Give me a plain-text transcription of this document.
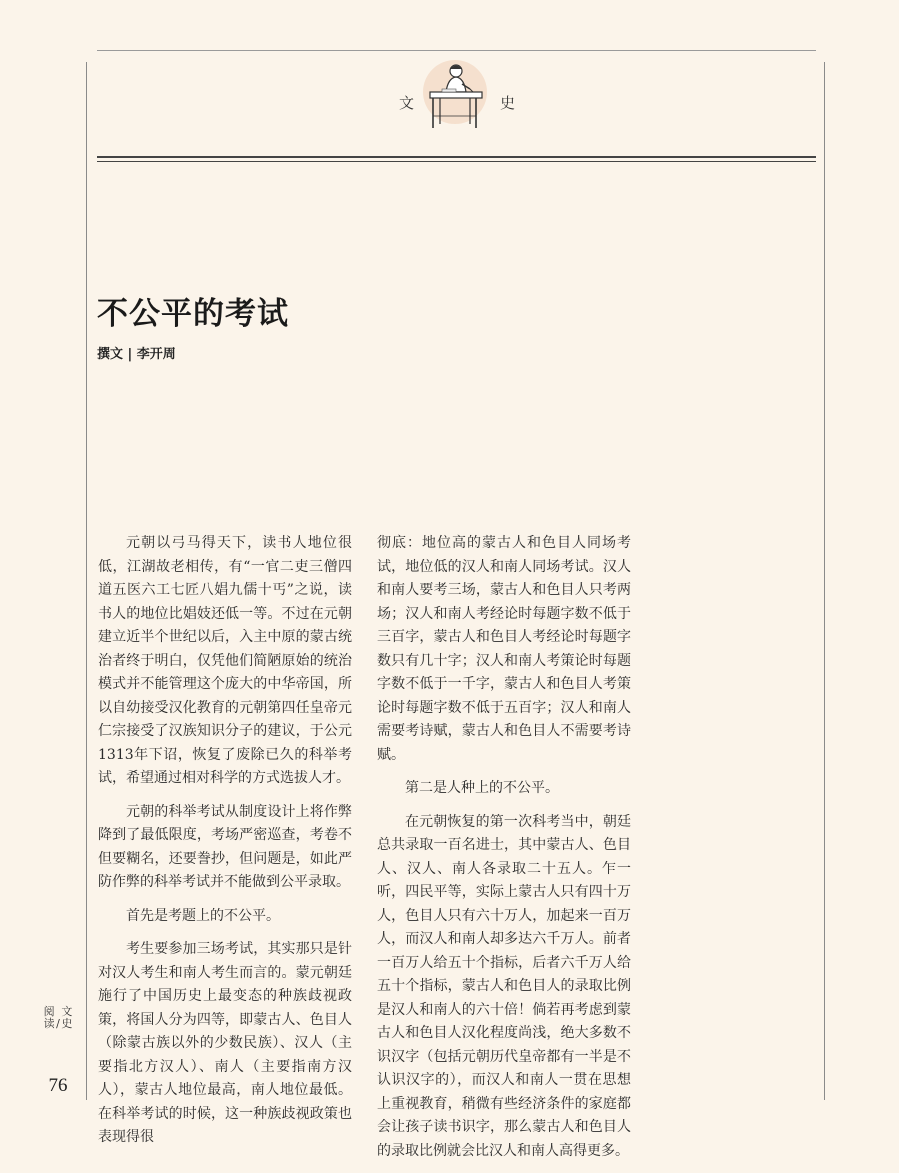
文	史
不公平的考试
撰文 | 李开周

元朝以弓马得天下，读书人地位很低，江湖故老相传，有“一官二吏三僧四道五医六工七匠八娼九儒十丐”之说，读书人的地位比娼妓还低一等。不过在元朝建立近半个世纪以后，入主中原的蒙古统治者终于明白，仅凭他们简陋原始的统治模式并不能管理这个庞大的中华帝国，所以自幼接受汉化教育的元朝第四任皇帝元仁宗接受了汉族知识分子的建议，于公元1313年下诏，恢复了废除已久的科举考试，希望通过相对科学的方式选拔人才。

元朝的科举考试从制度设计上将作弊降到了最低限度，考场严密巡查，考卷不但要糊名，还要誊抄，但问题是，如此严防作弊的科举考试并不能做到公平录取。

首先是考题上的不公平。

考生要参加三场考试，其实那只是针对汉人考生和南人考生而言的。蒙元朝廷施行了中国历史上最变态的种族歧视政策，将国人分为四等，即蒙古人、色目人（除蒙古族以外的少数民族）、汉人（主要指北方汉人）、南人（主要指南方汉人），蒙古人地位最高，南人地位最低。在科举考试的时候，这一种族歧视政策也表现得很

彻底：地位高的蒙古人和色目人同场考试，地位低的汉人和南人同场考试。汉人和南人要考三场，蒙古人和色目人只考两场；汉人和南人考经论时每题字数不低于三百字，蒙古人和色目人考经论时每题字数只有几十字；汉人和南人考策论时每题字数不低于一千字，蒙古人和色目人考策论时每题字数不低于五百字；汉人和南人需要考诗赋，蒙古人和色目人不需要考诗赋。

第二是人种上的不公平。

在元朝恢复的第一次科考当中，朝廷总共录取一百名进士，其中蒙古人、色目人、汉人、南人各录取二十五人。乍一听，四民平等，实际上蒙古人只有四十万人，色目人只有六十万人，加起来一百万人，而汉人和南人却多达六千万人。前者一百万人给五十个指标，后者六千万人给五十个指标，蒙古人和色目人的录取比例是汉人和南人的六十倍！倘若再考虑到蒙古人和色目人汉化程度尚浅，绝大多数不识汉字（包括元朝历代皇帝都有一半是不认识汉字的），而汉人和南人一贯在思想上重视教育，稍微有些经济条件的家庭都会让孩子读书识字，那么蒙古人和色目人的录取比例就会比汉人和南人高得更多。

阅读 /文史
76
